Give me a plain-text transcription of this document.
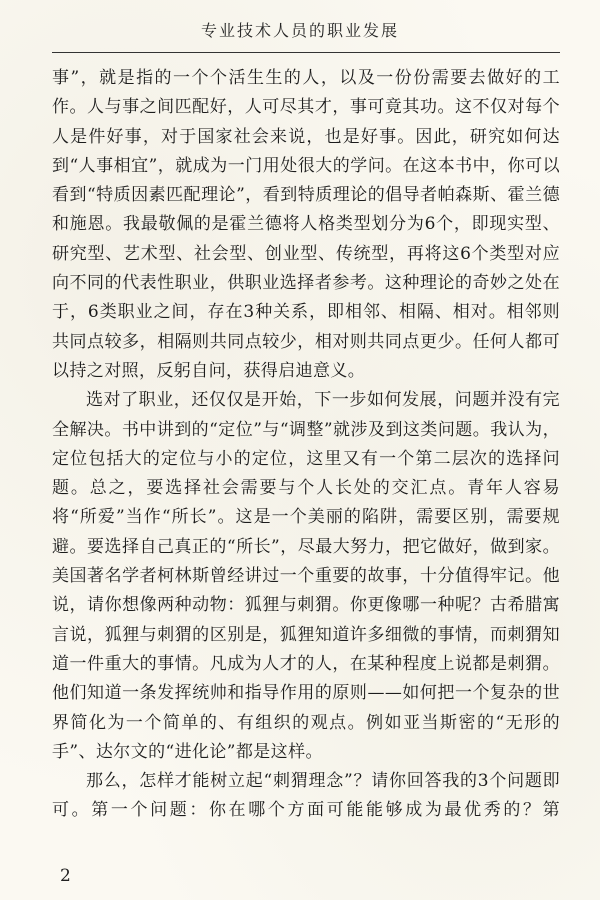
专业技术人员的职业发展

事”，就是指的一个个活生生的人，以及一份份需要去做好的工作。人与事之间匹配好，人可尽其才，事可竟其功。这不仅对每个人是件好事，对于国家社会来说，也是好事。因此，研究如何达到“人事相宜”，就成为一门用处很大的学问。在这本书中，你可以看到“特质因素匹配理论”，看到特质理论的倡导者帕森斯、霍兰德和施恩。我最敬佩的是霍兰德将人格类型划分为6个，即现实型、研究型、艺术型、社会型、创业型、传统型，再将这6个类型对应向不同的代表性职业，供职业选择者参考。这种理论的奇妙之处在于，6类职业之间，存在3种关系，即相邻、相隔、相对。相邻则共同点较多，相隔则共同点较少，相对则共同点更少。任何人都可以持之对照，反躬自问，获得启迪意义。

选对了职业，还仅仅是开始，下一步如何发展，问题并没有完全解决。书中讲到的“定位”与“调整”就涉及到这类问题。我认为，定位包括大的定位与小的定位，这里又有一个第二层次的选择问题。总之，要选择社会需要与个人长处的交汇点。青年人容易将“所爱”当作“所长”。这是一个美丽的陷阱，需要区别，需要规避。要选择自己真正的“所长”，尽最大努力，把它做好，做到家。美国著名学者柯林斯曾经讲过一个重要的故事，十分值得牢记。他说，请你想像两种动物：狐狸与刺猬。你更像哪一种呢？古希腊寓言说，狐狸与刺猬的区别是，狐狸知道许多细微的事情，而刺猬知道一件重大的事情。凡成为人才的人，在某种程度上说都是刺猬。他们知道一条发挥统帅和指导作用的原则——如何把一个复杂的世界简化为一个简单的、有组织的观点。例如亚当斯密的“无形的手”、达尔文的“进化论”都是这样。

那么，怎样才能树立起“刺猬理念”？请你回答我的3个问题即可。第一个问题：你在哪个方面可能能够成为最优秀的？第

2
